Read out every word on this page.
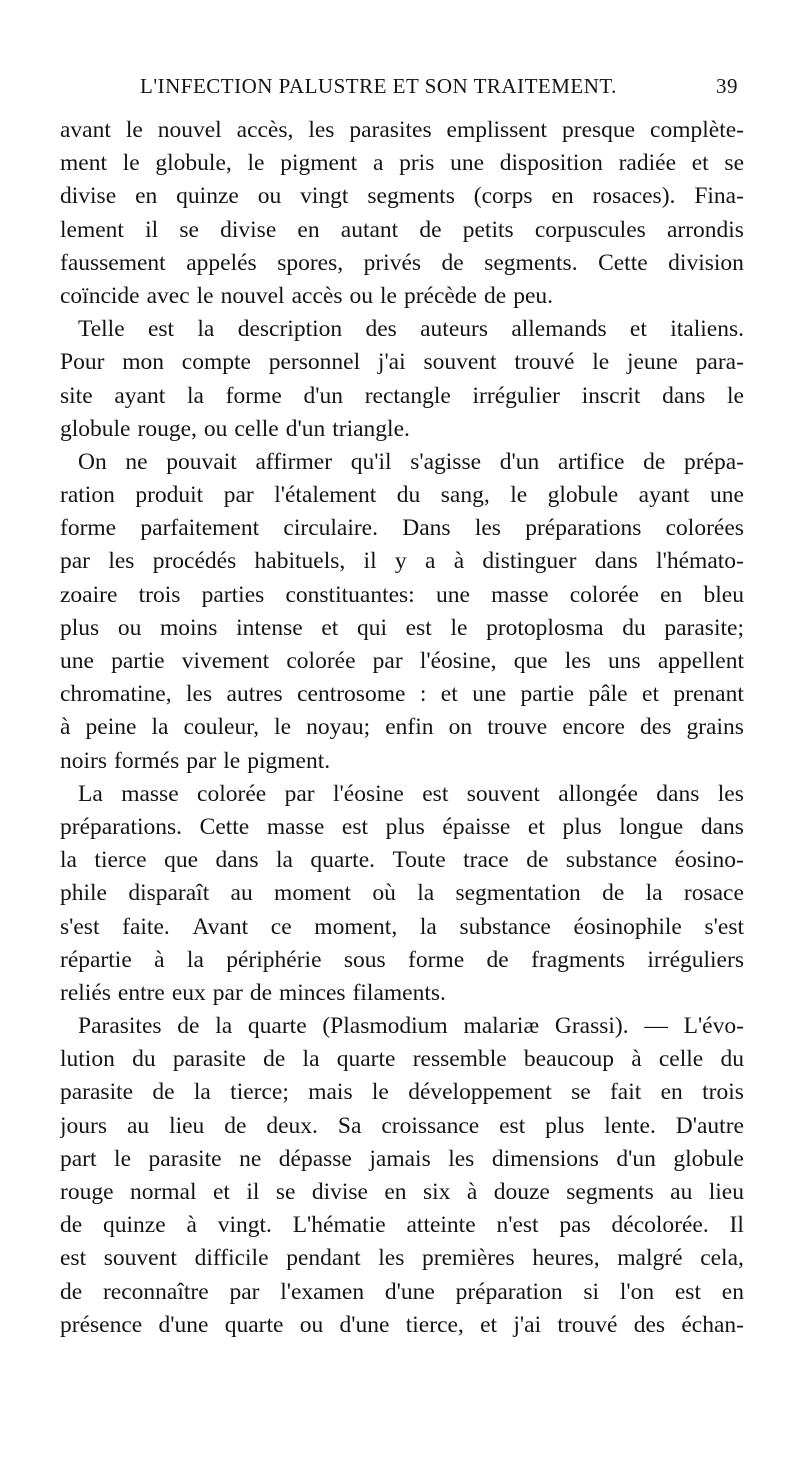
L'INFECTION PALUSTRE ET SON TRAITEMENT.	39
avant le nouvel accès, les parasites emplissent presque complète-
ment le globule, le pigment a pris une disposition radiée et se
divise en quinze ou vingt segments (corps en rosaces). Fina-
lement il se divise en autant de petits corpuscules arrondis
faussement appelés spores, privés de segments. Cette division
coïncide avec le nouvel accès ou le précède de peu.
Telle est la description des auteurs allemands et italiens.
Pour mon compte personnel j'ai souvent trouvé le jeune para-
site ayant la forme d'un rectangle irrégulier inscrit dans le
globule rouge, ou celle d'un triangle.
On ne pouvait affirmer qu'il s'agisse d'un artifice de prépa-
ration produit par l'étalement du sang, le globule ayant une
forme parfaitement circulaire. Dans les préparations colorées
par les procédés habituels, il y a à distinguer dans l'hémato-
zoaire trois parties constituantes: une masse colorée en bleu
plus ou moins intense et qui est le protoplosma du parasite;
une partie vivement colorée par l'éosine, que les uns appellent
chromatine, les autres centrosome : et une partie pâle et prenant
à peine la couleur, le noyau; enfin on trouve encore des grains
noirs formés par le pigment.
La masse colorée par l'éosine est souvent allongée dans les
préparations. Cette masse est plus épaisse et plus longue dans
la tierce que dans la quarte. Toute trace de substance éosino-
phile disparaît au moment où la segmentation de la rosace
s'est faite. Avant ce moment, la substance éosinophile s'est
répartie à la périphérie sous forme de fragments irréguliers
reliés entre eux par de minces filaments.
Parasites de la quarte (Plasmodium malariæ Grassi). — L'évo-
lution du parasite de la quarte ressemble beaucoup à celle du
parasite de la tierce; mais le développement se fait en trois
jours au lieu de deux. Sa croissance est plus lente. D'autre
part le parasite ne dépasse jamais les dimensions d'un globule
rouge normal et il se divise en six à douze segments au lieu
de quinze à vingt. L'hématie atteinte n'est pas décolorée. Il
est souvent difficile pendant les premières heures, malgré cela,
de reconnaître par l'examen d'une préparation si l'on est en
présence d'une quarte ou d'une tierce, et j'ai trouvé des échan-
